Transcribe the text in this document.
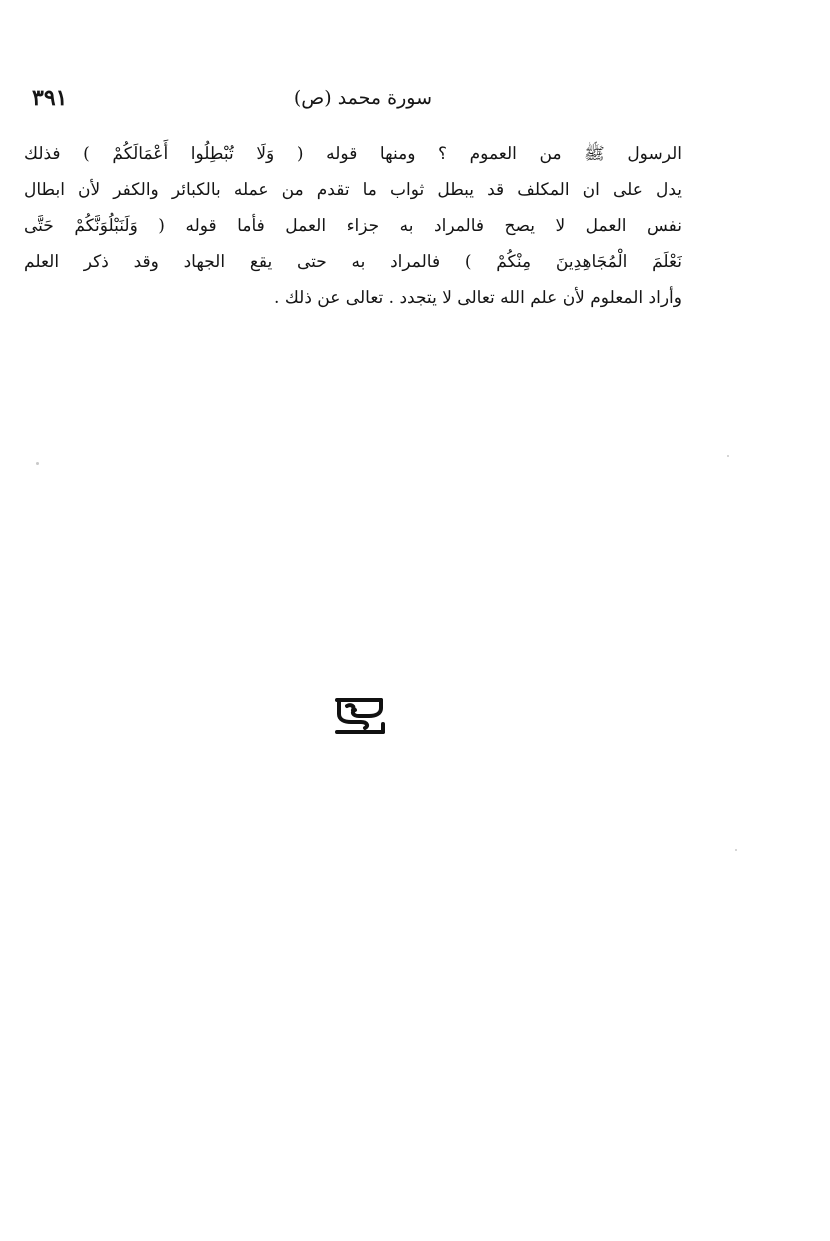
سورة محمد (ص)
٣٩١
الرسول ﷺ من العموم ؟ ومنها قوله ( وَلَا تُبْطِلُوا أَعْمَالَكُمْ ) فذلك
يدل على ان المكلف قد يبطل ثواب ما تقدم من عمله بالكبائر والكفر لأن ابطال
نفس العمل لا يصح فالمراد به جزاء العمل فأما قوله ( وَلَنَبْلُوَنَّكُمْ حَتَّى
نَعْلَمَ الْمُجَاهِدِينَ مِنْكُمْ ) فالمراد به حتى يقع الجهاد وقد ذكر العلم
وأراد المعلوم لأن علم الله تعالى لا يتجدد . تعالى عن ذلك .
